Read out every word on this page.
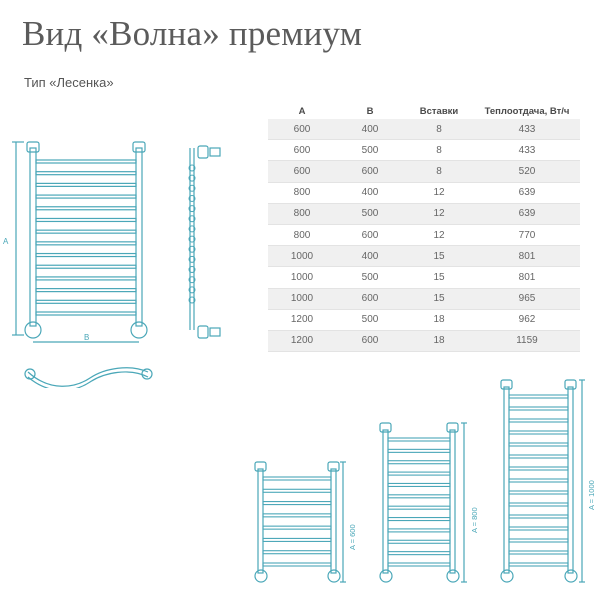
Вид «Волна» премиум
Тип «Лесенка»
A
B
A	B	Вставки	Теплоотдача, Вт/ч
600	400	8	433
600	500	8	433
600	600	8	520
800	400	12	639
800	500	12	639
800	600	12	770
1000	400	15	801
1000	500	15	801
1000	600	15	965
1200	500	18	962
1200	600	18	1159
A = 600
A = 800
A = 1000
